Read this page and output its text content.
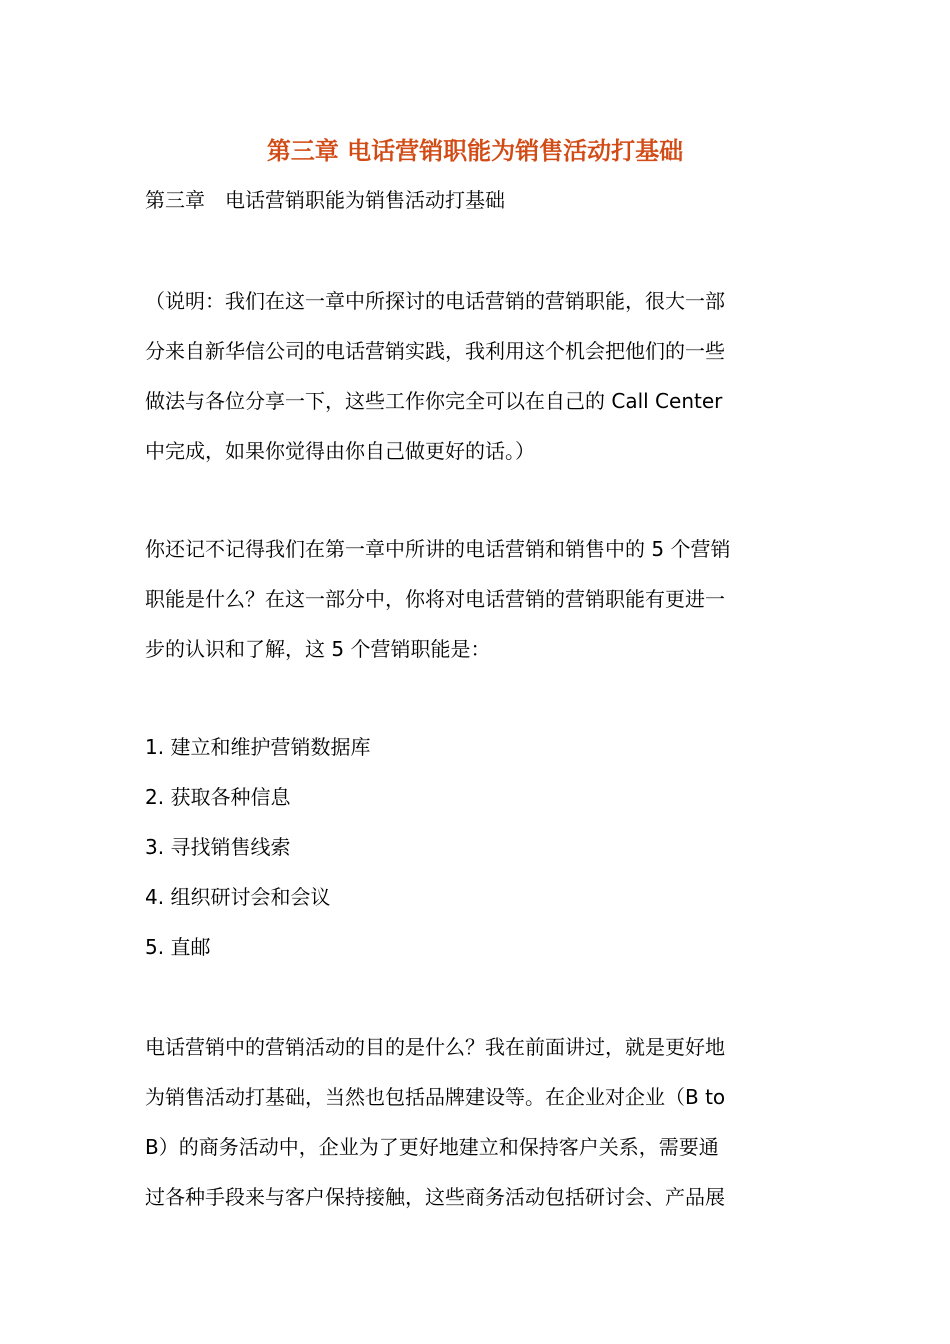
第三章 电话营销职能为销售活动打基础
第三章　电话营销职能为销售活动打基础

（说明：我们在这一章中所探讨的电话营销的营销职能，很大一部
分来自新华信公司的电话营销实践，我利用这个机会把他们的一些
做法与各位分享一下，这些工作你完全可以在自己的 Call Center
中完成，如果你觉得由你自己做更好的话。）

你还记不记得我们在第一章中所讲的电话营销和销售中的 5 个营销
职能是什么？在这一部分中，你将对电话营销的营销职能有更进一
步的认识和了解，这 5 个营销职能是：

1. 建立和维护营销数据库
2. 获取各种信息
3. 寻找销售线索
4. 组织研讨会和会议
5. 直邮

电话营销中的营销活动的目的是什么？我在前面讲过，就是更好地
为销售活动打基础，当然也包括品牌建设等。在企业对企业（B to
B）的商务活动中，企业为了更好地建立和保持客户关系，需要通
过各种手段来与客户保持接触，这些商务活动包括研讨会、产品展
